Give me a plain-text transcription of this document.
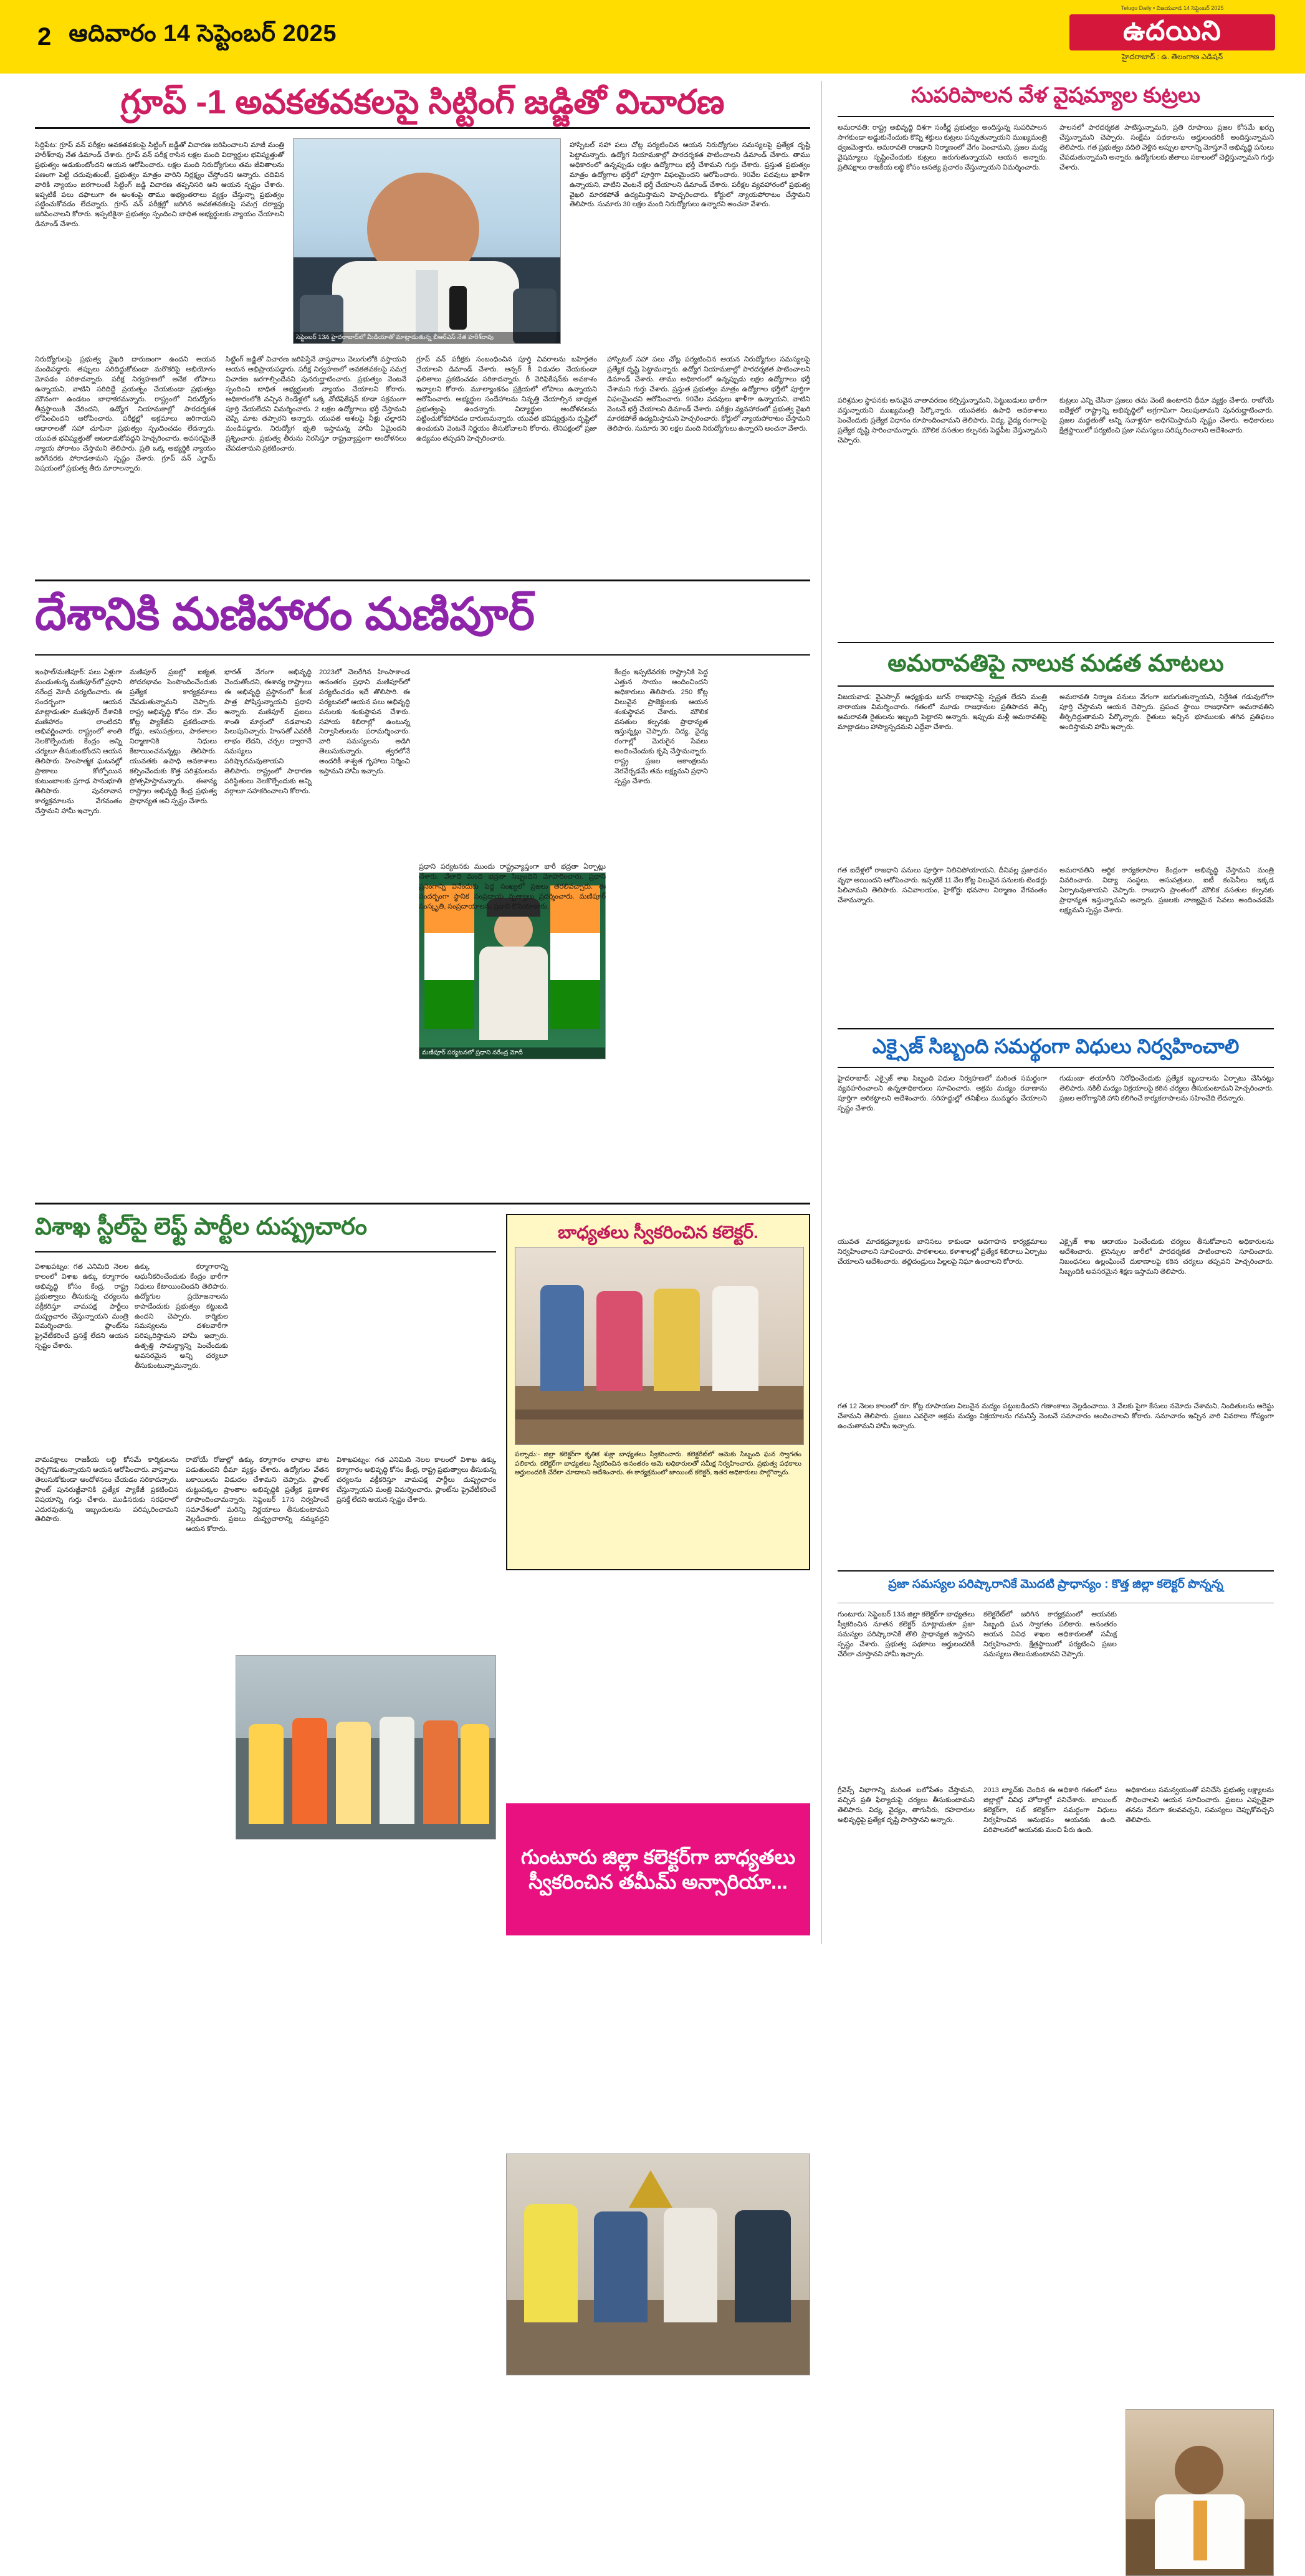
2 ఆదివారం 14 సెప్టెంబర్ 2025
Telugu Daily • విజయవాడ 14 సెప్టెంబర్ 2025
ఉదయిని
హైదరాబాద్ : ఉ. తెలంగాణ ఎడిషన్
గ్రూప్ -1 అవకతవకలపై సిట్టింగ్ జడ్జితో విచారణ
సెప్టెంబర్ 13న హైదరాబాద్‌లో మీడియాతో మాట్లాడుతున్న బీఆర్ఎస్ నేత హరీశ్‌రావు
సిద్దిపేట: గ్రూప్ వన్ పరీక్షల అవకతవకలపై సిట్టింగ్ జడ్జీతో విచారణ జరిపించాలని మాజీ మంత్రి హరీశ్‌రావు నేత డిమాండ్ చేశారు. గ్రూప్ వన్ పరీక్ష రాసిన లక్షల మంది విద్యార్థుల భవిష్యత్తుతో ప్రభుత్వం ఆడుకుంటోందని ఆయన ఆరోపించారు. లక్షల మంది నిరుద్యోగులు తమ జీవితాలను పణంగా పెట్టి చదువుతుంటే, ప్రభుత్వం మాత్రం వారిని నిర్లక్ష్యం చేస్తోందని అన్నారు. చదివిన వారికి న్యాయం జరగాలంటే సిట్టింగ్ జడ్జి విచారణ తప్పనిసరి అని ఆయన స్పష్టం చేశారు. ఇప్పటికే పలు దఫాలుగా ఈ అంశంపై తాము అభ్యంతరాలు వ్యక్తం చేస్తున్నా ప్రభుత్వం పట్టించుకోవడం లేదన్నారు. గ్రూప్ వన్ పరీక్షల్లో జరిగిన అవకతవకలపై సమగ్ర దర్యాప్తు జరిపించాలని కోరారు. ఇప్పటికైనా ప్రభుత్వం స్పందించి బాధిత అభ్యర్థులకు న్యాయం చేయాలని డిమాండ్ చేశారు.
హాస్పిటల్ సహా పలు చోట్ల పర్యటించిన ఆయన నిరుద్యోగుల సమస్యలపై ప్రత్యేక దృష్టి పెట్టామన్నారు. ఉద్యోగ నియామకాల్లో పారదర్శకత పాటించాలని డిమాండ్ చేశారు. తాము అధికారంలో ఉన్నప్పుడు లక్షల ఉద్యోగాలు భర్తీ చేశామని గుర్తు చేశారు. ప్రస్తుత ప్రభుత్వం మాత్రం ఉద్యోగాల భర్తీలో పూర్తిగా విఫలమైందని ఆరోపించారు. 90వేల పదవులు ఖాళీగా ఉన్నాయని, వాటిని వెంటనే భర్తీ చేయాలని డిమాండ్ చేశారు. పరీక్షల వ్యవహారంలో ప్రభుత్వ వైఖరి మారకపోతే ఉద్యమిస్తామని హెచ్చరించారు. కోర్టులో న్యాయపోరాటం చేస్తామని తెలిపారు. సుమారు 30 లక్షల మంది నిరుద్యోగులు ఉన్నారని అంచనా వేశారు.
నిరుద్యోగులపై ప్రభుత్వ వైఖరి దారుణంగా ఉందని ఆయన మండిపడ్డారు. తప్పులు సరిదిద్దుకోకుండా మరొకరిపై అభియోగం మోపడం సరికాదన్నారు. పరీక్ష నిర్వహణలో అనేక లోపాలు ఉన్నాయని, వాటిని సరిదిద్దే ప్రయత్నం చేయకుండా ప్రభుత్వం మౌనంగా ఉండటం బాధాకరమన్నారు. రాష్ట్రంలో నిరుద్యోగం తీవ్రస్థాయికి చేరిందని, ఉద్యోగ నియామకాల్లో పారదర్శకత లోపించిందని ఆరోపించారు. పరీక్షల్లో అక్రమాలు జరిగాయని ఆధారాలతో సహా చూపినా ప్రభుత్వం స్పందించడం లేదన్నారు. యువత భవిష్యత్తుతో ఆటలాడుకోవద్దని హెచ్చరించారు. అవసరమైతే న్యాయ పోరాటం చేస్తామని తెలిపారు. ప్రతి ఒక్క అభ్యర్థికి న్యాయం జరిగేవరకు పోరాడతామని స్పష్టం చేశారు. గ్రూప్ వన్ ఎగ్జామ్ విషయంలో ప్రభుత్వ తీరు మారాలన్నారు.
సిట్టింగ్ జడ్జితో విచారణ జరిపిస్తేనే వాస్తవాలు వెలుగులోకి వస్తాయని ఆయన అభిప్రాయపడ్డారు. పరీక్ష నిర్వహణలో అవకతవకలపై సమగ్ర విచారణ జరగాల్సిందేనని పునరుద్ఘాటించారు. ప్రభుత్వం వెంటనే స్పందించి బాధిత అభ్యర్థులకు న్యాయం చేయాలని కోరారు. అధికారంలోకి వచ్చిన రెండేళ్లలో ఒక్క నోటిఫికేషన్ కూడా సక్రమంగా పూర్తి చేయలేదని విమర్శించారు. 2 లక్షల ఉద్యోగాలు భర్తీ చేస్తామని చెప్పి మాట తప్పారని అన్నారు. యువత ఆశలపై నీళ్లు చల్లారని మండిపడ్డారు. నిరుద్యోగ భృతి ఇస్తామన్న హామీ ఏమైందని ప్రశ్నించారు. ప్రభుత్వ తీరును నిరసిస్తూ రాష్ట్రవ్యాప్తంగా ఆందోళనలు చేపడతామని ప్రకటించారు.
గ్రూప్ వన్ పరీక్షకు సంబంధించిన పూర్తి వివరాలను బహిర్గతం చేయాలని డిమాండ్ చేశారు. ఆన్సర్ కీ విడుదల చేయకుండా ఫలితాలు ప్రకటించడం సరికాదన్నారు. రీ వెరిఫికేషన్‌కు అవకాశం ఇవ్వాలని కోరారు. మూల్యాంకనం ప్రక్రియలో లోపాలు ఉన్నాయని ఆరోపించారు. అభ్యర్థుల సందేహాలను నివృత్తి చేయాల్సిన బాధ్యత ప్రభుత్వంపై ఉందన్నారు. విద్యార్థుల ఆందోళనలను పట్టించుకోకపోవడం దారుణమన్నారు. యువత భవిష్యత్తును దృష్టిలో ఉంచుకుని వెంటనే నిర్ణయం తీసుకోవాలని కోరారు. లేనిపక్షంలో ప్రజా ఉద్యమం తప్పదని హెచ్చరించారు.
హాస్పిటల్ సహా పలు చోట్ల పర్యటించిన ఆయన నిరుద్యోగుల సమస్యలపై ప్రత్యేక దృష్టి పెట్టామన్నారు. ఉద్యోగ నియామకాల్లో పారదర్శకత పాటించాలని డిమాండ్ చేశారు. తాము అధికారంలో ఉన్నప్పుడు లక్షల ఉద్యోగాలు భర్తీ చేశామని గుర్తు చేశారు. ప్రస్తుత ప్రభుత్వం మాత్రం ఉద్యోగాల భర్తీలో పూర్తిగా విఫలమైందని ఆరోపించారు. 90వేల పదవులు ఖాళీగా ఉన్నాయని, వాటిని వెంటనే భర్తీ చేయాలని డిమాండ్ చేశారు. పరీక్షల వ్యవహారంలో ప్రభుత్వ వైఖరి మారకపోతే ఉద్యమిస్తామని హెచ్చరించారు. కోర్టులో న్యాయపోరాటం చేస్తామని తెలిపారు. సుమారు 30 లక్షల మంది నిరుద్యోగులు ఉన్నారని అంచనా వేశారు.
దేశానికి మణిహారం మణిపూర్
మణిపూర్ పర్యటనలో ప్రధాని నరేంద్ర మోదీ
ఇంఫాల్/మణిపూర్: పలు ఏళ్లుగా మండుతున్న మణిపూర్‌లో ప్రధాని నరేంద్ర మోదీ పర్యటించారు. ఈ సందర్భంగా ఆయన మాట్లాడుతూ మణిపూర్ దేశానికి మణిహారం లాంటిదని అభివర్ణించారు. రాష్ట్రంలో శాంతి నెలకొల్పేందుకు కేంద్రం అన్ని చర్యలూ తీసుకుంటోందని ఆయన తెలిపారు. హింసాత్మక ఘటనల్లో ప్రాణాలు కోల్పోయిన కుటుంబాలకు ప్రగాఢ సానుభూతి తెలిపారు. పునరావాస కార్యక్రమాలను వేగవంతం చేస్తామని హామీ ఇచ్చారు.
మణిపూర్ ప్రజల్లో ఐక్యత, సోదరభావం పెంపొందించేందుకు ప్రత్యేక కార్యక్రమాలు చేపడుతున్నామని చెప్పారు. రాష్ట్ర అభివృద్ధి కోసం రూ. వేల కోట్ల ప్యాకేజీని ప్రకటించారు. రోడ్లు, ఆసుపత్రులు, పాఠశాలల నిర్మాణానికి నిధులు కేటాయించనున్నట్లు తెలిపారు. యువతకు ఉపాధి అవకాశాలు కల్పించేందుకు కొత్త పరిశ్రమలను ప్రోత్సహిస్తామన్నారు. ఈశాన్య రాష్ట్రాల అభివృద్ధి కేంద్ర ప్రభుత్వ ప్రాధాన్యత అని స్పష్టం చేశారు.
భారత్ వేగంగా అభివృద్ధి చెందుతోందని, ఈశాన్య రాష్ట్రాలు ఈ అభివృద్ధి ప్రస్థానంలో కీలక పాత్ర పోషిస్తున్నాయని ప్రధాని అన్నారు. మణిపూర్ ప్రజలు శాంతి మార్గంలో నడవాలని పిలుపునిచ్చారు. హింసతో ఎవరికీ లాభం లేదని, చర్చల ద్వారానే సమస్యలు పరిష్కారమవుతాయని తెలిపారు. రాష్ట్రంలో సాధారణ పరిస్థితులు నెలకొల్పేందుకు అన్ని వర్గాలూ సహకరించాలని కోరారు.
2023లో చెలరేగిన హింసాకాండ అనంతరం ప్రధాని మణిపూర్‌లో పర్యటించడం ఇదే తొలిసారి. ఈ పర్యటనలో ఆయన పలు అభివృద్ధి పనులకు శంకుస్థాపన చేశారు. సహాయ శిబిరాల్లో ఉంటున్న నిర్వాసితులను పరామర్శించారు. వారి సమస్యలను అడిగి తెలుసుకున్నారు. త్వరలోనే అందరికీ శాశ్వత గృహాలు నిర్మించి ఇస్తామని హామీ ఇచ్చారు.
ప్రధాని పర్యటనకు ముందు రాష్ట్రవ్యాప్తంగా భారీ భద్రతా ఏర్పాట్లు చేశారు. వేలాది మంది భద్రతా సిబ్బందిని మోహరించారు. ప్రధాని ప్రసంగాన్ని వినేందుకు పెద్ద సంఖ్యలో ప్రజలు తరలివచ్చారు. ఈ సందర్భంగా స్థానిక సంప్రదాయ నృత్యాలు ప్రదర్శించారు. మణిపూర్ సంస్కృతి, సంప్రదాయాలను ప్రధాని కొనియాడారు.
కేంద్రం ఇప్పటివరకు రాష్ట్రానికి పెద్ద ఎత్తున సాయం అందించిందని అధికారులు తెలిపారు. 250 కోట్ల విలువైన ప్రాజెక్టులకు ఆయన శంకుస్థాపన చేశారు. మౌలిక వసతుల కల్పనకు ప్రాధాన్యత ఇస్తున్నట్లు చెప్పారు. విద్య, వైద్య రంగాల్లో మెరుగైన సేవలు అందించేందుకు కృషి చేస్తామన్నారు. రాష్ట్ర ప్రజల ఆకాంక్షలను నెరవేర్చడమే తమ లక్ష్యమని ప్రధాని స్పష్టం చేశారు.
విశాఖ స్టీల్‌పై లెఫ్ట్ పార్టీల దుష్ప్రచారం
విశాఖపట్నం: గత ఎనిమిది నెలల కాలంలో విశాఖ ఉక్కు కర్మాగారం అభివృద్ధి కోసం కేంద్ర, రాష్ట్ర ప్రభుత్వాలు తీసుకున్న చర్యలను వక్రీకరిస్తూ వామపక్ష పార్టీలు దుష్ప్రచారం చేస్తున్నాయని మంత్రి విమర్శించారు. ప్లాంట్‌ను ప్రైవేటీకరించే ప్రసక్తే లేదని ఆయన స్పష్టం చేశారు.
ఉక్కు కర్మాగారాన్ని ఆధునీకరించేందుకు కేంద్రం భారీగా నిధులు కేటాయించిందని తెలిపారు. ఉద్యోగుల ప్రయోజనాలను కాపాడేందుకు ప్రభుత్వం కట్టుబడి ఉందని చెప్పారు. కార్మికుల సమస్యలను దశలవారీగా పరిష్కరిస్తామని హామీ ఇచ్చారు. ఉత్పత్తి సామర్థ్యాన్ని పెంచేందుకు అవసరమైన అన్ని చర్యలూ తీసుకుంటున్నామన్నారు.
వామపక్షాలు రాజకీయ లబ్ధి కోసమే కార్మికులను రెచ్చగొడుతున్నాయని ఆయన ఆరోపించారు. వాస్తవాలు తెలుసుకోకుండా ఆందోళనలు చేయడం సరికాదన్నారు. ప్లాంట్ పునరుజ్జీవానికి ప్రత్యేక ప్యాకేజీ ప్రకటించిన విషయాన్ని గుర్తు చేశారు. ముడిసరుకు సరఫరాలో ఎదురవుతున్న ఇబ్బందులను పరిష్కరించామని తెలిపారు.
రాబోయే రోజుల్లో ఉక్కు కర్మాగారం లాభాల బాట పడుతుందని ధీమా వ్యక్తం చేశారు. ఉద్యోగుల వేతన బకాయిలను విడుదల చేశామని చెప్పారు. ప్లాంట్ చుట్టుపక్కల ప్రాంతాల అభివృద్ధికి ప్రత్యేక ప్రణాళిక రూపొందించామన్నారు. సెప్టెంబర్ 17న నిర్వహించే సమావేశంలో మరిన్ని నిర్ణయాలు తీసుకుంటామని వెల్లడించారు. ప్రజలు దుష్ప్రచారాన్ని నమ్మవద్దని ఆయన కోరారు.
విశాఖపట్నం: గత ఎనిమిది నెలల కాలంలో విశాఖ ఉక్కు కర్మాగారం అభివృద్ధి కోసం కేంద్ర, రాష్ట్ర ప్రభుత్వాలు తీసుకున్న చర్యలను వక్రీకరిస్తూ వామపక్ష పార్టీలు దుష్ప్రచారం చేస్తున్నాయని మంత్రి విమర్శించారు. ప్లాంట్‌ను ప్రైవేటీకరించే ప్రసక్తే లేదని ఆయన స్పష్టం చేశారు.
బాధ్యతలు స్వీకరించిన కలెక్టర్.
పల్నాడు:- జిల్లా కలెక్టర్‌గా కృతిక శుక్లా బాధ్యతలు స్వీకరించారు. కలెక్టరేట్‌లో ఆమెకు సిబ్బంది ఘన స్వాగతం పలికారు. కలెక్టర్‌గా బాధ్యతలు స్వీకరించిన అనంతరం ఆమె అధికారులతో సమీక్ష నిర్వహించారు. ప్రభుత్వ పథకాలు అర్హులందరికీ చేరేలా చూడాలని ఆదేశించారు. ఈ కార్యక్రమంలో జాయింట్ కలెక్టర్, ఇతర అధికారులు పాల్గొన్నారు.
గుంటూరు జిల్లా కలెక్టర్‌గా బాధ్యతలు స్వీకరించిన తమీమ్ అన్సారియా...
సుపరిపాలన వేళ వైషమ్యాల కుట్రలు
అమరావతి: రాష్ట్ర అభివృద్ధి దిశగా సంకీర్ణ ప్రభుత్వం అందిస్తున్న సుపరిపాలన సాగకుండా అడ్డుకునేందుకు కొన్ని శక్తులు కుట్రలు పన్నుతున్నాయని ముఖ్యమంత్రి ధ్వజమెత్తారు. అమరావతి రాజధాని నిర్మాణంలో వేగం పెంచామని, ప్రజల మధ్య వైషమ్యాలు సృష్టించేందుకు కుట్రలు జరుగుతున్నాయని ఆయన అన్నారు. ప్రతిపక్షాలు రాజకీయ లబ్ధి కోసం అసత్య ప్రచారం చేస్తున్నాయని విమర్శించారు.
పాలనలో పారదర్శకత పాటిస్తున్నామని, ప్రతి రూపాయి ప్రజల కోసమే ఖర్చు చేస్తున్నామని చెప్పారు. సంక్షేమ పథకాలను అర్హులందరికీ అందిస్తున్నామని తెలిపారు. గత ప్రభుత్వం వదిలి వెళ్లిన అప్పుల భారాన్ని మోస్తూనే అభివృద్ధి పనులు చేపడుతున్నామని అన్నారు. ఉద్యోగులకు జీతాలు సకాలంలో చెల్లిస్తున్నామని గుర్తు చేశారు.
పరిశ్రమల స్థాపనకు అనువైన వాతావరణం కల్పిస్తున్నామని, పెట్టుబడులు భారీగా వస్తున్నాయని ముఖ్యమంత్రి పేర్కొన్నారు. యువతకు ఉపాధి అవకాశాలు పెంచేందుకు ప్రత్యేక విధానం రూపొందించామని తెలిపారు. విద్య, వైద్య రంగాలపై ప్రత్యేక దృష్టి సారించామన్నారు. మౌలిక వసతుల కల్పనకు పెద్దపీట వేస్తున్నామని చెప్పారు.
కుట్రలు ఎన్ని చేసినా ప్రజలు తమ వెంటే ఉంటారని ధీమా వ్యక్తం చేశారు. రాబోయే ఐదేళ్లలో రాష్ట్రాన్ని అభివృద్ధిలో అగ్రగామిగా నిలుపుతామని పునరుద్ఘాటించారు. ప్రజల మద్దతుతో అన్ని సవాళ్లనూ అధిగమిస్తామని స్పష్టం చేశారు. అధికారులు క్షేత్రస్థాయిలో పర్యటించి ప్రజా సమస్యలు పరిష్కరించాలని ఆదేశించారు.
అమరావతిపై నాలుక మడత మాటలు
విజయవాడ: వైఎస్సార్ అధ్యక్షుడు జగన్ రాజధానిపై స్పష్టత లేదని మంత్రి నారాయణ విమర్శించారు. గతంలో మూడు రాజధానుల ప్రతిపాదన తెచ్చి అమరావతి రైతులను ఇబ్బంది పెట్టారని అన్నారు. ఇప్పుడు మళ్లీ అమరావతిపై మాట్లాడటం హాస్యాస్పదమని ఎద్దేవా చేశారు.
అమరావతి నిర్మాణ పనులు వేగంగా జరుగుతున్నాయని, నిర్దేశిత గడువులోగా పూర్తి చేస్తామని ఆయన చెప్పారు. ప్రపంచ స్థాయి రాజధానిగా అమరావతిని తీర్చిదిద్దుతామని పేర్కొన్నారు. రైతులు ఇచ్చిన భూములకు తగిన ప్రతిఫలం అందిస్తామని హామీ ఇచ్చారు.
గత ఐదేళ్లలో రాజధాని పనులు పూర్తిగా నిలిచిపోయాయని, దీనివల్ల ప్రజాధనం వృథా అయిందని ఆరోపించారు. ఇప్పటికే 11 వేల కోట్ల విలువైన పనులకు టెండర్లు పిలిచామని తెలిపారు. సచివాలయం, హైకోర్టు భవనాల నిర్మాణం వేగవంతం చేశామన్నారు.
అమరావతిని ఆర్థిక కార్యకలాపాల కేంద్రంగా అభివృద్ధి చేస్తామని మంత్రి వివరించారు. విద్యా సంస్థలు, ఆసుపత్రులు, ఐటీ కంపెనీలు ఇక్కడ ఏర్పాటవుతాయని చెప్పారు. రాజధాని ప్రాంతంలో మౌలిక వసతుల కల్పనకు ప్రాధాన్యత ఇస్తున్నామని అన్నారు. ప్రజలకు నాణ్యమైన సేవలు అందించడమే లక్ష్యమని స్పష్టం చేశారు.
ఎక్సైజ్ సిబ్బంది సమర్థంగా విధులు నిర్వహించాలి
హైదరాబాద్: ఎక్సైజ్ శాఖ సిబ్బంది విధుల నిర్వహణలో మరింత సమర్థంగా వ్యవహరించాలని ఉన్నతాధికారులు సూచించారు. అక్రమ మద్యం రవాణాను పూర్తిగా అరికట్టాలని ఆదేశించారు. సరిహద్దుల్లో తనిఖీలు ముమ్మరం చేయాలని స్పష్టం చేశారు.
గుడుంబా తయారీని నిరోధించేందుకు ప్రత్యేక బృందాలను ఏర్పాటు చేసినట్లు తెలిపారు. నకిలీ మద్యం విక్రయాలపై కఠిన చర్యలు తీసుకుంటామని హెచ్చరించారు. ప్రజల ఆరోగ్యానికి హాని కలిగించే కార్యకలాపాలను సహించేది లేదన్నారు.
యువత మాదకద్రవ్యాలకు బానిసలు కాకుండా అవగాహన కార్యక్రమాలు నిర్వహించాలని సూచించారు. పాఠశాలలు, కళాశాలల్లో ప్రత్యేక శిబిరాలు ఏర్పాటు చేయాలని ఆదేశించారు. తల్లిదండ్రులు పిల్లలపై నిఘా ఉంచాలని కోరారు.
ఎక్సైజ్ శాఖ ఆదాయం పెంచేందుకు చర్యలు తీసుకోవాలని అధికారులను ఆదేశించారు. లైసెన్సుల జారీలో పారదర్శకత పాటించాలని సూచించారు. నిబంధనలు ఉల్లంఘించే దుకాణాలపై కఠిన చర్యలు తప్పవని హెచ్చరించారు. సిబ్బందికి అవసరమైన శిక్షణ ఇస్తామని తెలిపారు.
గత 12 నెలల కాలంలో రూ. కోట్ల రూపాయల విలువైన మద్యం పట్టుబడిందని గణాంకాలు వెల్లడించాయి. 3 వేలకు పైగా కేసులు నమోదు చేశామని, నిందితులను అరెస్టు చేశామని తెలిపారు. ప్రజలు ఎవరైనా అక్రమ మద్యం విక్రయాలను గమనిస్తే వెంటనే సమాచారం అందించాలని కోరారు. సమాచారం ఇచ్చిన వారి వివరాలు గోప్యంగా ఉంచుతామని హామీ ఇచ్చారు.
ప్రజా సమస్యల పరిష్కారానికే మొదటి ప్రాధాన్యం : కొత్త జిల్లా కలెక్టర్ పొన్నన్న
గుంటూరు: సెప్టెంబర్ 13న జిల్లా కలెక్టర్‌గా బాధ్యతలు స్వీకరించిన నూతన కలెక్టర్ మాట్లాడుతూ ప్రజా సమస్యల పరిష్కారానికే తొలి ప్రాధాన్యత ఇస్తానని స్పష్టం చేశారు. ప్రభుత్వ పథకాలు అర్హులందరికీ చేరేలా చూస్తానని హామీ ఇచ్చారు.
కలెక్టరేట్‌లో జరిగిన కార్యక్రమంలో ఆయనకు సిబ్బంది ఘన స్వాగతం పలికారు. అనంతరం ఆయన వివిధ శాఖల అధికారులతో సమీక్ష నిర్వహించారు. క్షేత్రస్థాయిలో పర్యటించి ప్రజల సమస్యలు తెలుసుకుంటానని చెప్పారు.
గ్రీవెన్స్ విభాగాన్ని మరింత బలోపేతం చేస్తామని, వచ్చిన ప్రతి ఫిర్యాదుపై చర్యలు తీసుకుంటామని తెలిపారు. విద్య, వైద్యం, తాగునీరు, రహదారుల అభివృద్ధిపై ప్రత్యేక దృష్టి సారిస్తానని అన్నారు.
2013 బ్యాచ్‌కు చెందిన ఈ అధికారి గతంలో పలు జిల్లాల్లో వివిధ హోదాల్లో పనిచేశారు. జాయింట్ కలెక్టర్‌గా, సబ్ కలెక్టర్‌గా సమర్థంగా విధులు నిర్వహించిన అనుభవం ఆయనకు ఉంది. పరిపాలనలో ఆయనకు మంచి పేరు ఉంది.
అధికారులు సమన్వయంతో పనిచేసి ప్రభుత్వ లక్ష్యాలను సాధించాలని ఆయన సూచించారు. ప్రజలు ఎప్పుడైనా తనను నేరుగా కలవవచ్చని, సమస్యలు చెప్పుకోవచ్చని తెలిపారు.
